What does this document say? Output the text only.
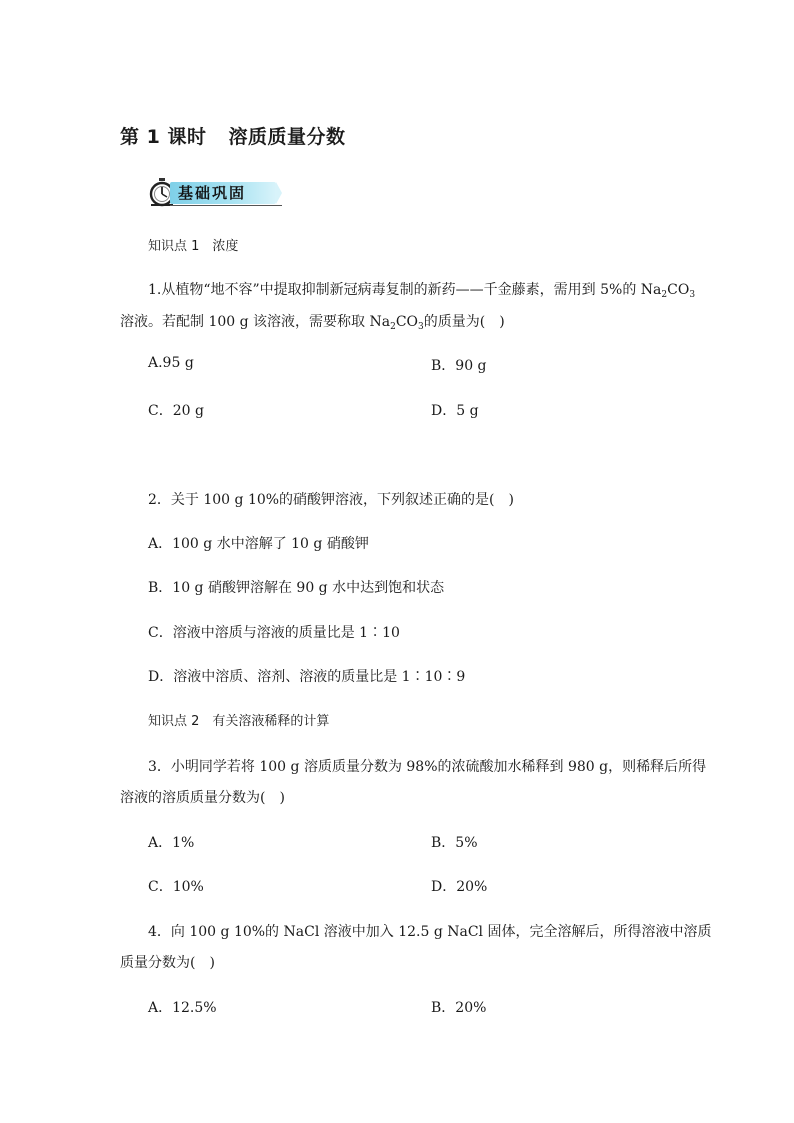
第 1 课时 溶质质量分数
基础巩固
知识点 1　浓度
1.从植物“地不容”中提取抑制新冠病毒复制的新药——千金藤素，需用到 5%的 $Na_2CO_3$
溶液。若配制 100 g 该溶液，需要称取 $Na_2CO_3$的质量为(　)
A.95 g	B．90 g
C．20 g	D．5 g
2．关于 100 g 10%的硝酸钾溶液，下列叙述正确的是(　)
A．100 g 水中溶解了 10 g 硝酸钾
B．10 g 硝酸钾溶解在 90 g 水中达到饱和状态
C．溶液中溶质与溶液的质量比是 1∶10
D．溶液中溶质、溶剂、溶液的质量比是 1∶10∶9
知识点 2　有关溶液稀释的计算
3．小明同学若将 100 g 溶质质量分数为 98%的浓硫酸加水稀释到 980 g，则稀释后所得
溶液的溶质质量分数为(　)
A．1%	B．5%
C．10%	D．20%
4．向 100 g 10%的 NaCl 溶液中加入 12.5 g NaCl 固体，完全溶解后，所得溶液中溶质
质量分数为(　)
A．12.5%	B．20%
